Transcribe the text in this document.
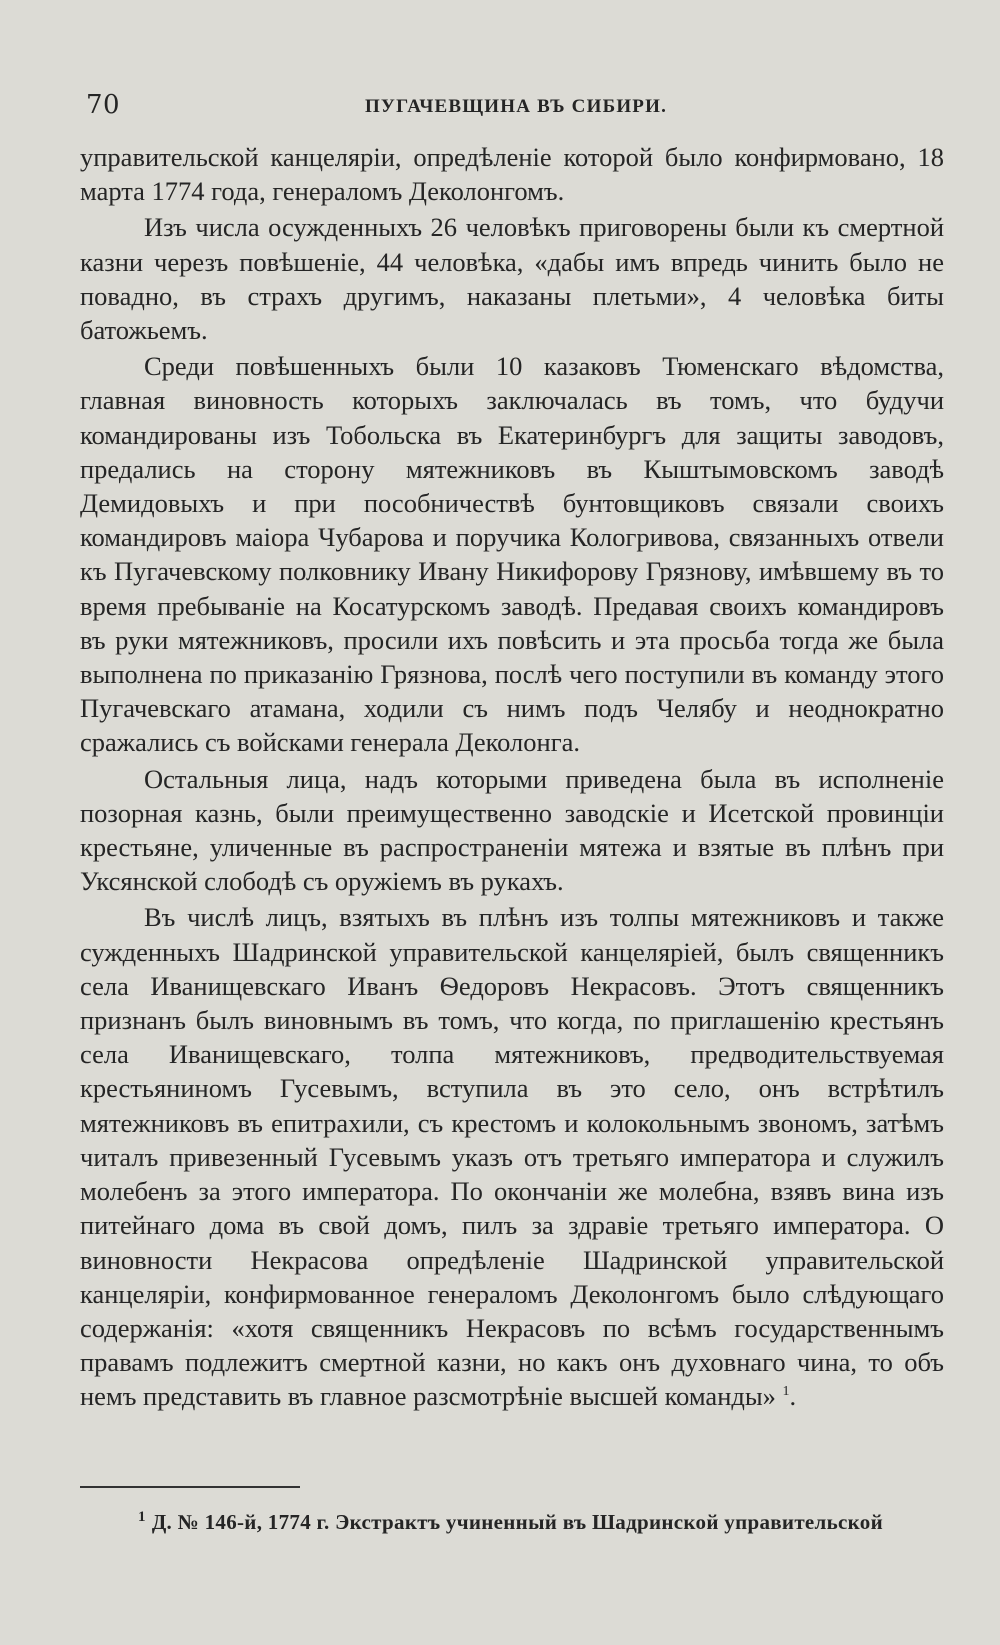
70	ПУГАЧЕВЩИНА ВЪ СИБИРИ.

управительской канцеляріи, опредѣленіе которой было конфирмовано, 18 марта 1774 года, генераломъ Деколонгомъ.

Изъ числа осужденныхъ 26 человѣкъ приговорены были къ смертной казни черезъ повѣшеніе, 44 человѣка, «дабы имъ впредь чинить было не повадно, въ страхъ другимъ, наказаны плетьми», 4 человѣка биты батожьемъ.

Среди повѣшенныхъ были 10 казаковъ Тюменскаго вѣдомства, главная виновность которыхъ заключалась въ томъ, что будучи командированы изъ Тобольска въ Екатеринбургъ для защиты заводовъ, предались на сторону мятежниковъ въ Кыштымовскомъ заводѣ Демидовыхъ и при пособничествѣ бунтовщиковъ связали своихъ командировъ маіора Чубарова и поручика Кологривова, связанныхъ отвели къ Пугачевскому полковнику Ивану Никифорову Грязнову, имѣвшему въ то время пребываніе на Косатурскомъ заводѣ. Предавая своихъ командировъ въ руки мятежниковъ, просили ихъ повѣсить и эта просьба тогда же была выполнена по приказанію Грязнова, послѣ чего поступили въ команду этого Пугачевскаго атамана, ходили съ нимъ подъ Челябу и неоднократно сражались съ войсками генерала Деколонга.

Остальныя лица, надъ которыми приведена была въ исполненіе позорная казнь, были преимущественно заводскіе и Исетской провинціи крестьяне, уличенные въ распространеніи мятежа и взятые въ плѣнъ при Уксянской слободѣ съ оружіемъ въ рукахъ.

Въ числѣ лицъ, взятыхъ въ плѣнъ изъ толпы мятежниковъ и также сужденныхъ Шадринской управительской канцеляріей, былъ священникъ села Иванищевскаго Иванъ Ѳедоровъ Некрасовъ. Этотъ священникъ признанъ былъ виновнымъ въ томъ, что когда, по приглашенію крестьянъ села Иванищевскаго, толпа мятежниковъ, предводительствуемая крестьяниномъ Гусевымъ, вступила въ это село, онъ встрѣтилъ мятежниковъ въ епитрахили, съ крестомъ и колокольнымъ звономъ, затѣмъ читалъ привезенный Гусевымъ указъ отъ третьяго императора и служилъ молебенъ за этого императора. По окончаніи же молебна, взявъ вина изъ питейнаго дома въ свой домъ, пилъ за здравіе третьяго императора. О виновности Некрасова опредѣленіе Шадринской управительской канцеляріи, конфирмованное генераломъ Деколонгомъ было слѣдующаго содержанія: «хотя священникъ Некрасовъ по всѣмъ государственнымъ правамъ подлежитъ смертной казни, но какъ онъ духовнаго чина, то объ немъ представить въ главное разсмотрѣніе высшей команды» $^1$.

$^1$ Д. № 146-й, 1774 г. Экстрактъ учиненный въ Шадринской управительской
